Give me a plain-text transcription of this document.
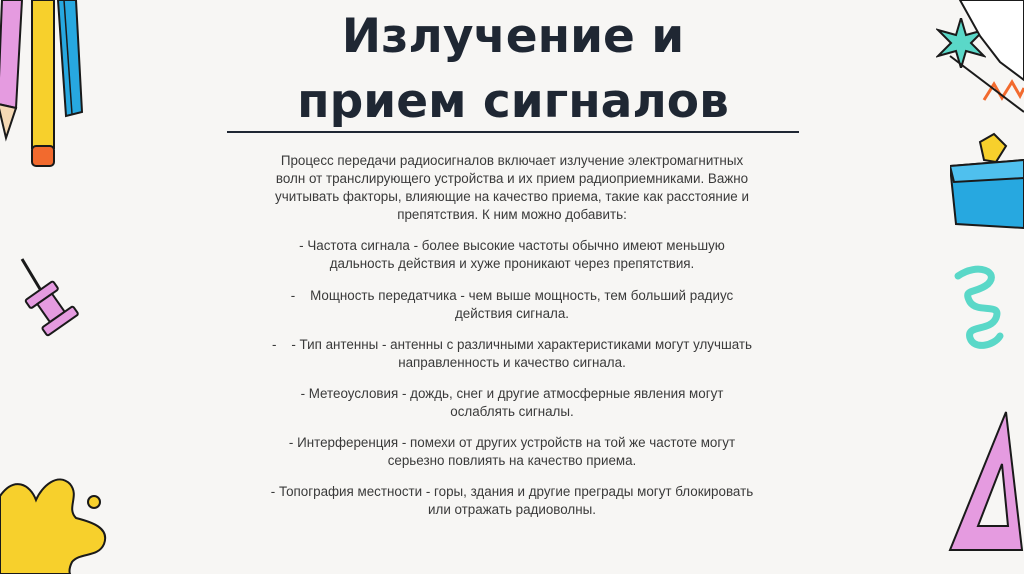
Излучение и
прием сигналов

Процесс передачи радиосигналов включает излучение электромагнитных волн от транслирующего устройства и их прием радиоприемниками. Важно учитывать факторы, влияющие на качество приема, такие как расстояние и препятствия. К ним можно добавить:

- Частота сигнала - более высокие частоты обычно имеют меньшую дальность действия и хуже проникают через препятствия.

-    Мощность передатчика - чем выше мощность, тем больший радиус действия сигнала.

-    - Тип антенны - антенны с различными характеристиками могут улучшать направленность и качество сигнала.

- Метеоусловия - дождь, снег и другие атмосферные явления могут ослаблять сигналы.

- Интерференция - помехи от других устройств на той же частоте могут серьезно повлиять на качество приема.

- Топография местности - горы, здания и другие преграды могут блокировать или отражать радиоволны.
